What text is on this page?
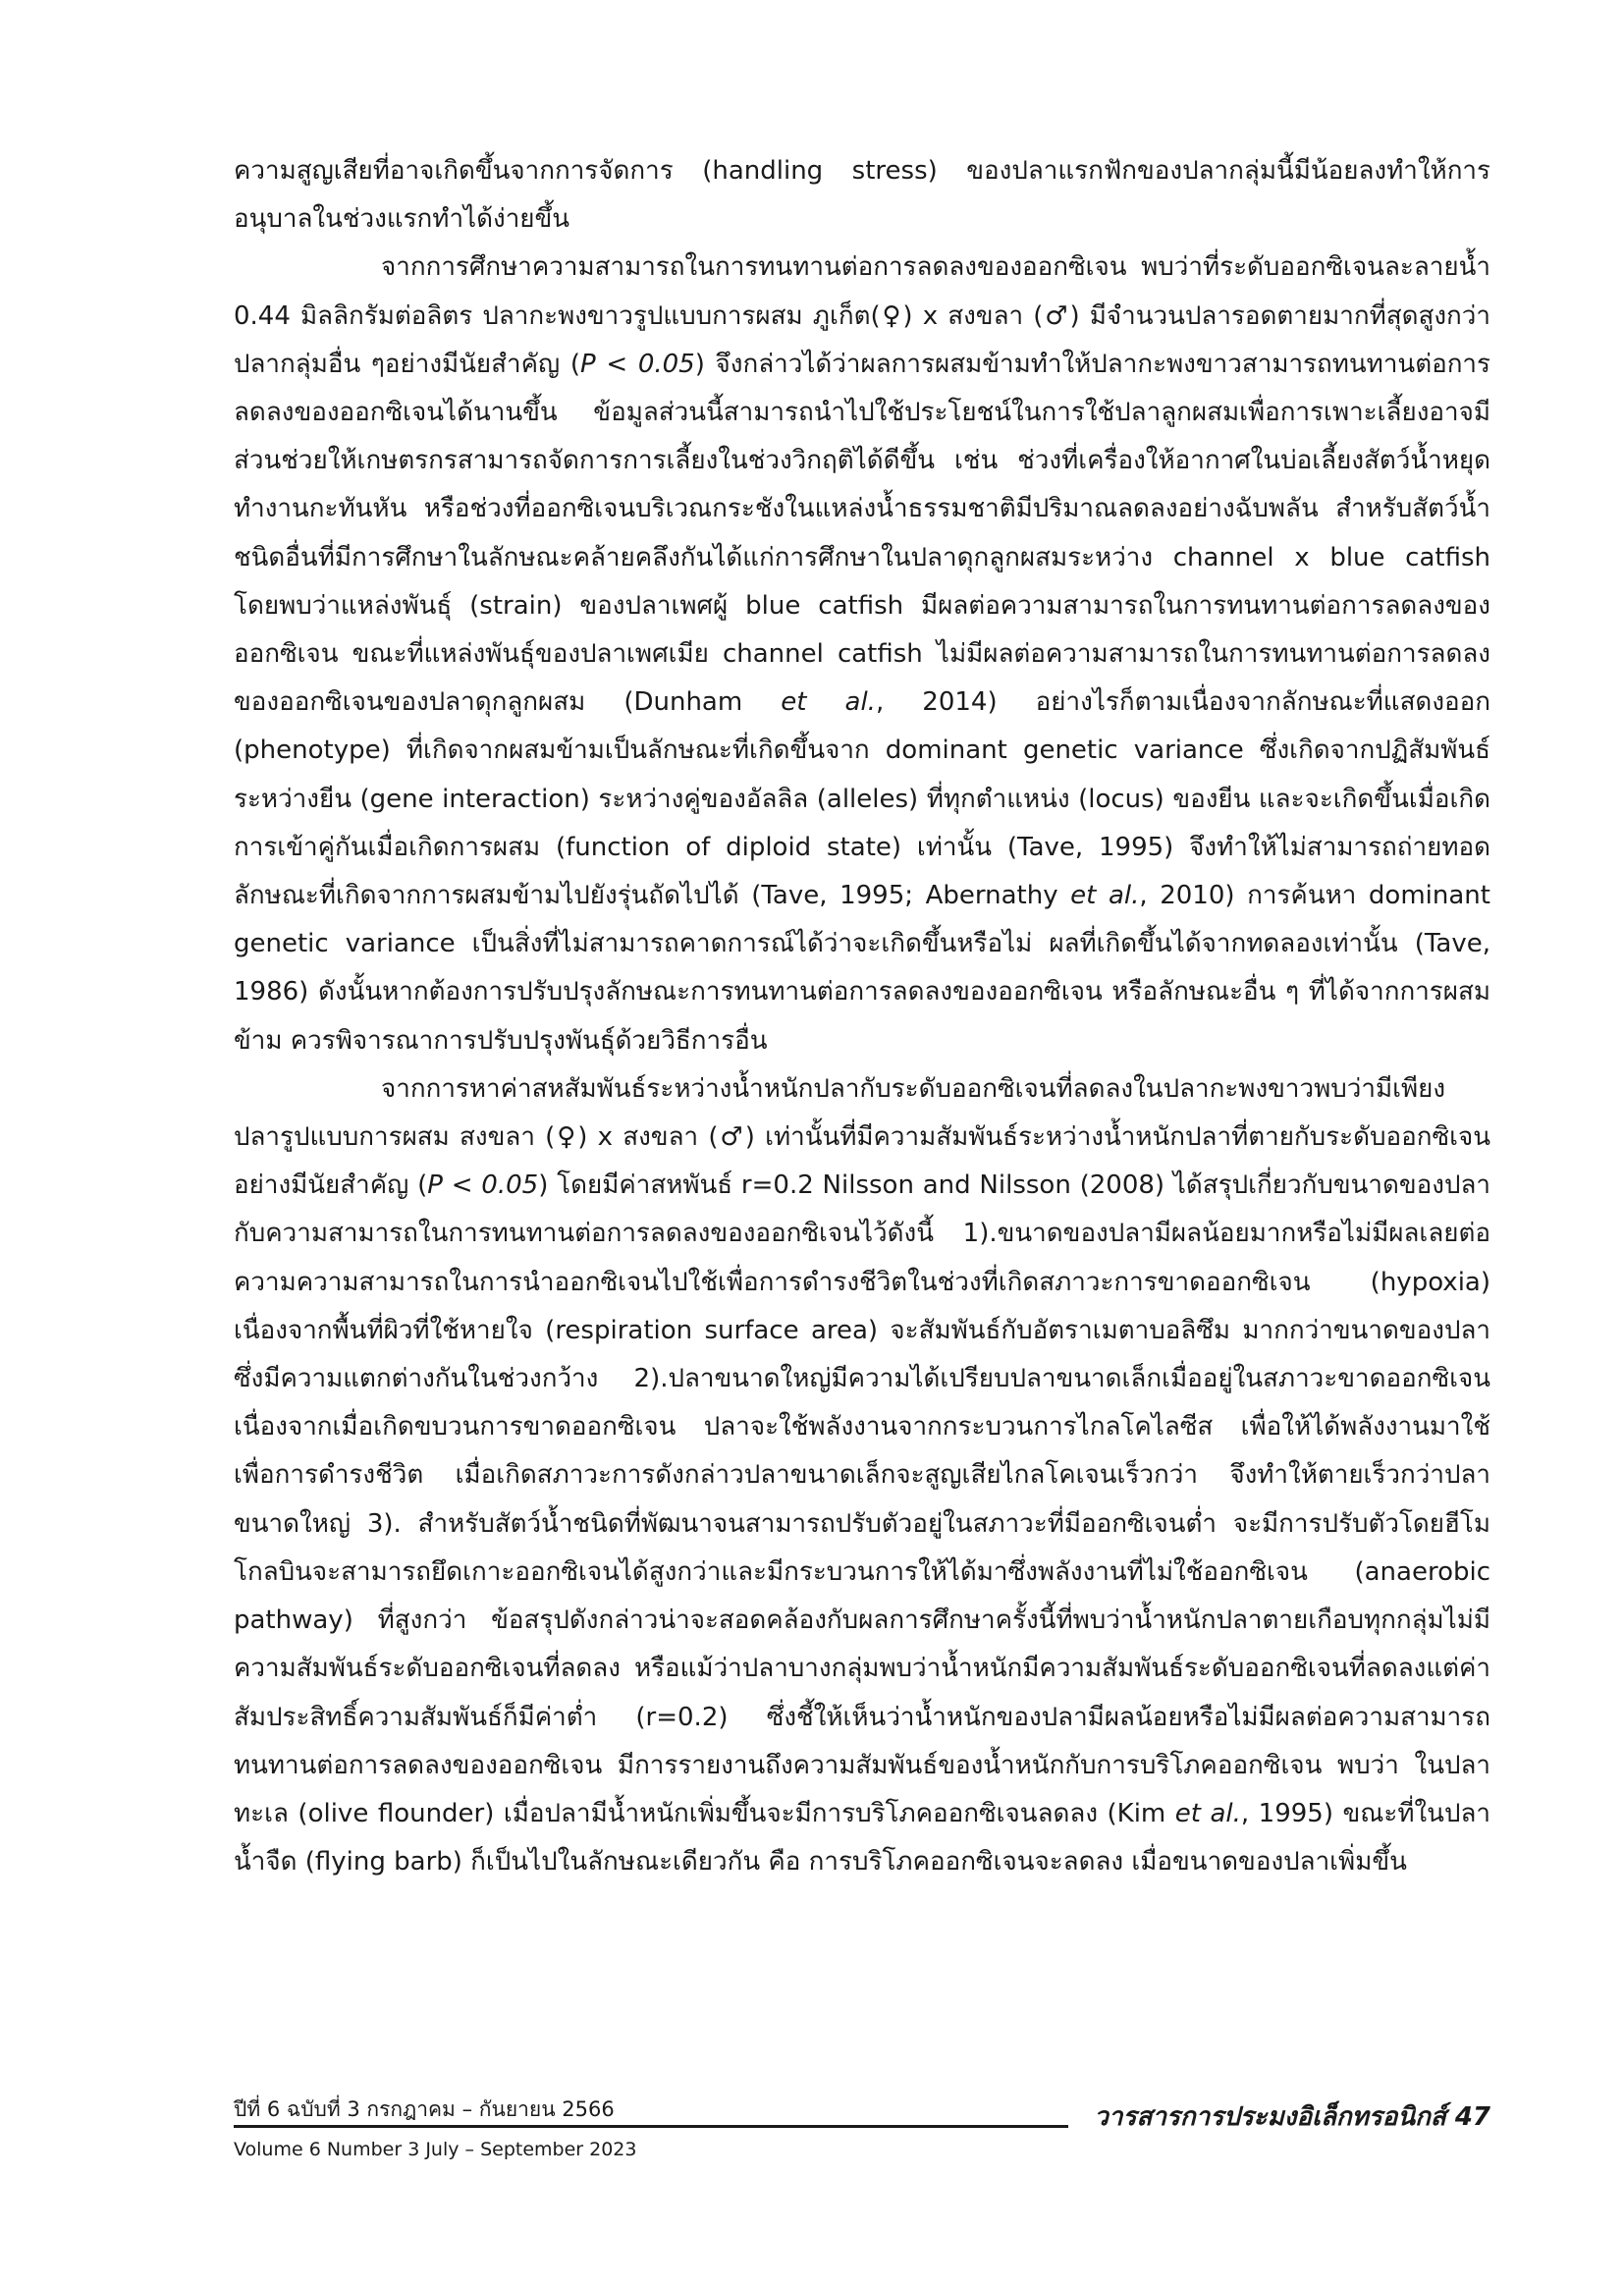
ความสูญเสียที่อาจเกิดขึ้นจากการจัดการ (handling stress) ของปลาแรกฟักของปลากลุ่มนี้มีน้อยลงทำให้การอนุบาลในช่วงแรกทำได้ง่ายขึ้น

จากการศึกษาความสามารถในการทนทานต่อการลดลงของออกซิเจน พบว่าที่ระดับออกซิเจนละลายน้ำ 0.44 มิลลิกรัมต่อลิตร ปลากะพงขาวรูปแบบการผสม ภูเก็ต(♀) x สงขลา (♂) มีจำนวนปลารอดตายมากที่สุดสูงกว่าปลากลุ่มอื่น ๆอย่างมีนัยสำคัญ (P < 0.05) จึงกล่าวได้ว่าผลการผสมข้ามทำให้ปลากะพงขาวสามารถทนทานต่อการลดลงของออกซิเจนได้นานขึ้น ข้อมูลส่วนนี้สามารถนำไปใช้ประโยชน์ในการใช้ปลาลูกผสมเพื่อการเพาะเลี้ยงอาจมีส่วนช่วยให้เกษตรกรสามารถจัดการการเลี้ยงในช่วงวิกฤติได้ดีขึ้น เช่น ช่วงที่เครื่องให้อากาศในบ่อเลี้ยงสัตว์น้ำหยุดทำงานกะทันหัน หรือช่วงที่ออกซิเจนบริเวณกระชังในแหล่งน้ำธรรมชาติมีปริมาณลดลงอย่างฉับพลัน สำหรับสัตว์น้ำชนิดอื่นที่มีการศึกษาในลักษณะคล้ายคลึงกันได้แก่การศึกษาในปลาดุกลูกผสมระหว่าง channel x blue catfish โดยพบว่าแหล่งพันธุ์ (strain) ของปลาเพศผู้ blue catfish มีผลต่อความสามารถในการทนทานต่อการลดลงของออกซิเจน ขณะที่แหล่งพันธุ์ของปลาเพศเมีย channel catfish ไม่มีผลต่อความสามารถในการทนทานต่อการลดลงของออกซิเจนของปลาดุกลูกผสม (Dunham et al., 2014) อย่างไรก็ตามเนื่องจากลักษณะที่แสดงออก (phenotype) ที่เกิดจากผสมข้ามเป็นลักษณะที่เกิดขึ้นจาก dominant genetic variance ซึ่งเกิดจากปฏิสัมพันธ์ระหว่างยีน (gene interaction) ระหว่างคู่ของอัลลิล (alleles) ที่ทุกตำแหน่ง (locus) ของยีน และจะเกิดขึ้นเมื่อเกิดการเข้าคู่กันเมื่อเกิดการผสม (function of diploid state) เท่านั้น (Tave, 1995) จึงทำให้ไม่สามารถถ่ายทอดลักษณะที่เกิดจากการผสมข้ามไปยังรุ่นถัดไปได้ (Tave, 1995; Abernathy et al., 2010) การค้นหา dominant genetic variance เป็นสิ่งที่ไม่สามารถคาดการณ์ได้ว่าจะเกิดขึ้นหรือไม่ ผลที่เกิดขึ้นได้จากทดลองเท่านั้น (Tave, 1986) ดังนั้นหากต้องการปรับปรุงลักษณะการทนทานต่อการลดลงของออกซิเจน หรือลักษณะอื่น ๆ ที่ได้จากการผสมข้าม ควรพิจารณาการปรับปรุงพันธุ์ด้วยวิธีการอื่น

จากการหาค่าสหสัมพันธ์ระหว่างน้ำหนักปลากับระดับออกซิเจนที่ลดลงในปลากะพงขาวพบว่ามีเพียงปลารูปแบบการผสม สงขลา (♀) x สงขลา (♂) เท่านั้นที่มีความสัมพันธ์ระหว่างน้ำหนักปลาที่ตายกับระดับออกซิเจนอย่างมีนัยสำคัญ (P < 0.05) โดยมีค่าสหพันธ์ r=0.2 Nilsson and Nilsson (2008) ได้สรุปเกี่ยวกับขนาดของปลากับความสามารถในการทนทานต่อการลดลงของออกซิเจนไว้ดังนี้ 1).ขนาดของปลามีผลน้อยมากหรือไม่มีผลเลยต่อความความสามารถในการนำออกซิเจนไปใช้เพื่อการดำรงชีวิตในช่วงที่เกิดสภาวะการขาดออกซิเจน (hypoxia) เนื่องจากพื้นที่ผิวที่ใช้หายใจ (respiration surface area) จะสัมพันธ์กับอัตราเมตาบอลิซึม มากกว่าขนาดของปลาซึ่งมีความแตกต่างกันในช่วงกว้าง 2).ปลาขนาดใหญ่มีความได้เปรียบปลาขนาดเล็กเมื่ออยู่ในสภาวะขาดออกซิเจน เนื่องจากเมื่อเกิดขบวนการขาดออกซิเจน ปลาจะใช้พลังงานจากกระบวนการไกลโคไลซีส เพื่อให้ได้พลังงานมาใช้เพื่อการดำรงชีวิต เมื่อเกิดสภาวะการดังกล่าวปลาขนาดเล็กจะสูญเสียไกลโคเจนเร็วกว่า จึงทำให้ตายเร็วกว่าปลาขนาดใหญ่ 3). สำหรับสัตว์น้ำชนิดที่พัฒนาจนสามารถปรับตัวอยู่ในสภาวะที่มีออกซิเจนต่ำ จะมีการปรับตัวโดยฮีโมโกลบินจะสามารถยึดเกาะออกซิเจนได้สูงกว่าและมีกระบวนการให้ได้มาซึ่งพลังงานที่ไม่ใช้ออกซิเจน (anaerobic pathway) ที่สูงกว่า ข้อสรุปดังกล่าวน่าจะสอดคล้องกับผลการศึกษาครั้งนี้ที่พบว่าน้ำหนักปลาตายเกือบทุกกลุ่มไม่มีความสัมพันธ์ระดับออกซิเจนที่ลดลง หรือแม้ว่าปลาบางกลุ่มพบว่าน้ำหนักมีความสัมพันธ์ระดับออกซิเจนที่ลดลงแต่ค่าสัมประสิทธิ์ความสัมพันธ์ก็มีค่าต่ำ (r=0.2) ซึ่งชี้ให้เห็นว่าน้ำหนักของปลามีผลน้อยหรือไม่มีผลต่อความสามารถทนทานต่อการลดลงของออกซิเจน มีการรายงานถึงความสัมพันธ์ของน้ำหนักกับการบริโภคออกซิเจน พบว่า ในปลาทะเล (olive flounder) เมื่อปลามีน้ำหนักเพิ่มขึ้นจะมีการบริโภคออกซิเจนลดลง (Kim et al., 1995) ขณะที่ในปลาน้ำจืด (flying barb) ก็เป็นไปในลักษณะเดียวกัน คือ การบริโภคออกซิเจนจะลดลง เมื่อขนาดของปลาเพิ่มขึ้น

ปีที่ 6 ฉบับที่ 3 กรกฎาคม – กันยายน 2566
Volume 6 Number 3 July – September 2023
วารสารการประมงอิเล็กทรอนิกส์ 47
